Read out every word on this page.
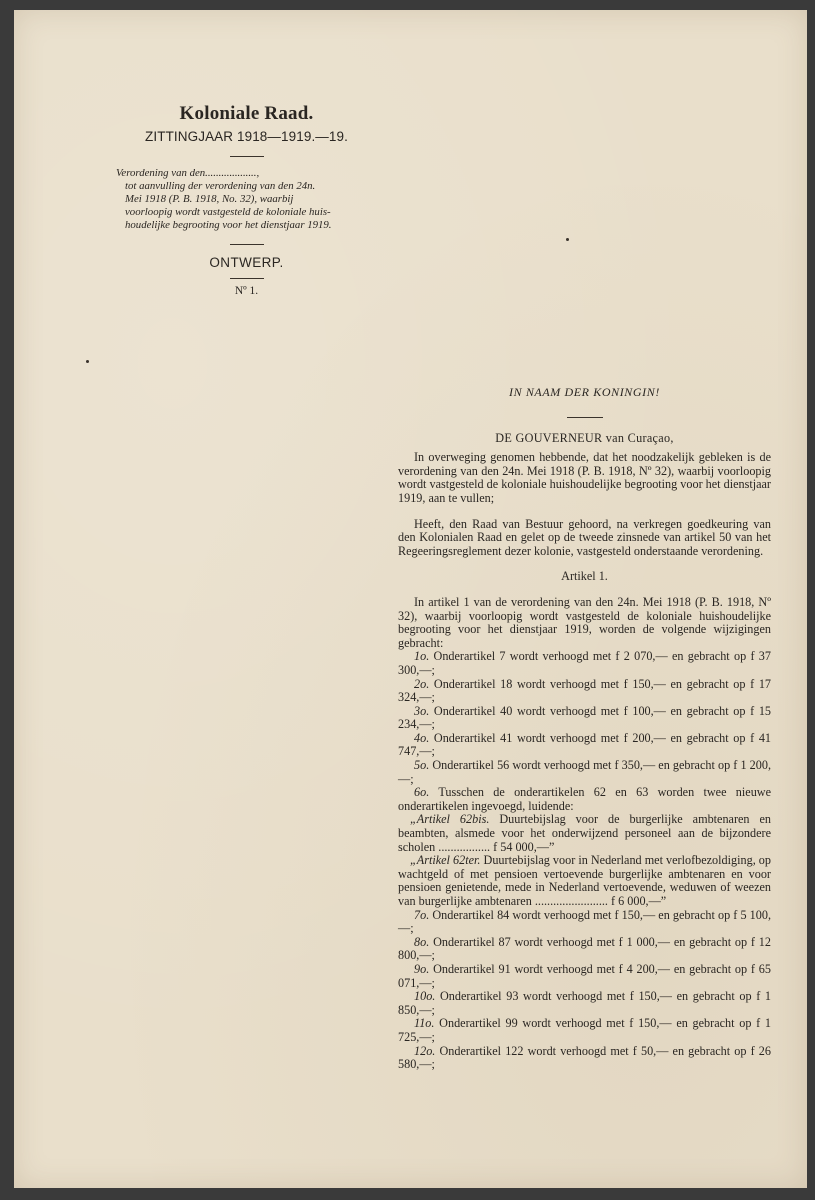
Koloniale Raad.
ZITTINGJAAR 1918—1919.—19.
Verordening van den...................,
tot aanvulling der verordening van den 24n.
Mei 1918 (P. B. 1918, No. 32), waarbij
voorloopig wordt vastgesteld de koloniale huis-
houdelijke begrooting voor het dienstjaar 1919.
ONTWERP.
Nº 1.
IN NAAM DER KONINGIN!
DE GOUVERNEUR van Curaçao,

In overweging genomen hebbende, dat het noodzakelijk gebleken is de verordening van den 24n. Mei 1918 (P. B. 1918, Nº 32), waarbij voorloopig wordt vastgesteld de koloniale huishoudelijke begrooting voor het dienstjaar 1919, aan te vullen;

Heeft, den Raad van Bestuur gehoord, na verkregen goedkeuring van den Kolonialen Raad en gelet op de tweede zinsnede van artikel 50 van het Regeeringsreglement dezer kolonie, vastgesteld onderstaande verordening.

Artikel 1.

In artikel 1 van de verordening van den 24n. Mei 1918 (P. B. 1918, Nº 32), waarbij voorloopig wordt vastgesteld de koloniale huishoudelijke begrooting voor het dienstjaar 1919, worden de volgende wijzigingen gebracht:

1o. Onderartikel 7 wordt verhoogd met f 2 070,— en gebracht op f 37 300,—;

2o. Onderartikel 18 wordt verhoogd met f 150,— en gebracht op f 17 324,—;

3o. Onderartikel 40 wordt verhoogd met f 100,— en gebracht op f 15 234,—;

4o. Onderartikel 41 wordt verhoogd met f 200,— en gebracht op f 41 747,—;

5o. Onderartikel 56 wordt verhoogd met f 350,— en gebracht op f 1 200,—;

6o. Tusschen de onderartikelen 62 en 63 worden twee nieuwe onderartikelen ingevoegd, luidende:

„Artikel 62bis. Duurtebijslag voor de burgerlijke ambtenaren en beambten, alsmede voor het onderwijzend personeel aan de bijzondere scholen ................. f 54 000,—”

„Artikel 62ter. Duurtebijslag voor in Nederland met verlofbezoldiging, op wachtgeld of met pensioen vertoevende burgerlijke ambtenaren en voor pensioen genietende, mede in Nederland vertoevende, weduwen of weezen van burgerlijke ambtenaren ........................ f 6 000,—”

7o. Onderartikel 84 wordt verhoogd met f 150,— en gebracht op f 5 100,—;

8o. Onderartikel 87 wordt verhoogd met f 1 000,— en gebracht op f 12 800,—;

9o. Onderartikel 91 wordt verhoogd met f 4 200,— en gebracht op f 65 071,—;

10o. Onderartikel 93 wordt verhoogd met f 150,— en gebracht op f 1 850,—;

11o. Onderartikel 99 wordt verhoogd met f 150,— en gebracht op f 1 725,—;

12o. Onderartikel 122 wordt verhoogd met f 50,— en gebracht op f 26 580,—;
